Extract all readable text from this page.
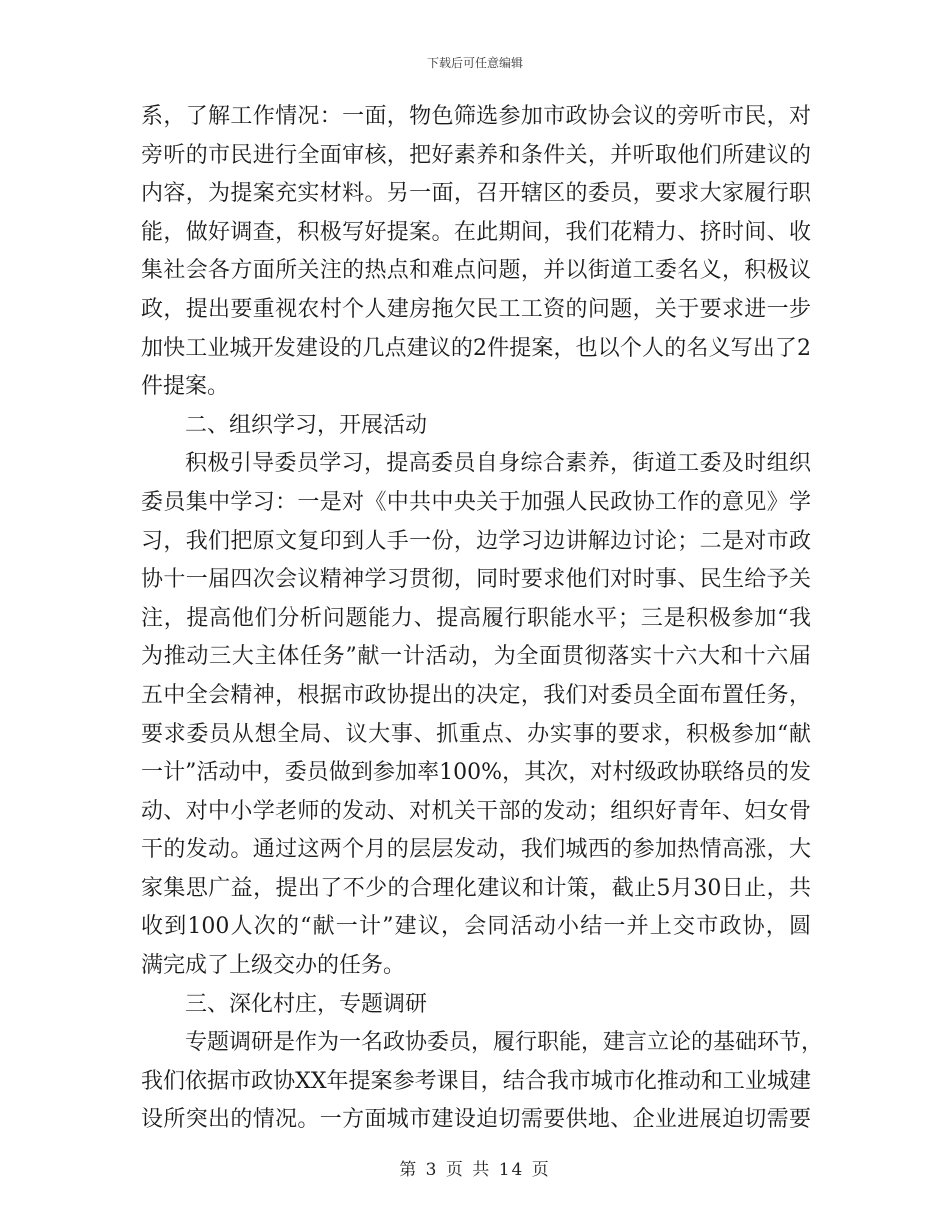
下载后可任意编辑
系，了解工作情况：一面，物色筛选参加市政协会议的旁听市民，对
旁听的市民进行全面审核，把好素养和条件关，并听取他们所建议的
内容，为提案充实材料。另一面，召开辖区的委员，要求大家履行职
能，做好调查，积极写好提案。在此期间，我们花精力、挤时间、收
集社会各方面所关注的热点和难点问题，并以街道工委名义，积极议
政，提出要重视农村个人建房拖欠民工工资的问题，关于要求进一步
加快工业城开发建设的几点建议的2件提案，也以个人的名义写出了2
件提案。
二、组织学习，开展活动
积极引导委员学习，提高委员自身综合素养，街道工委及时组织
委员集中学习：一是对《中共中央关于加强人民政协工作的意见》学
习，我们把原文复印到人手一份，边学习边讲解边讨论；二是对市政
协十一届四次会议精神学习贯彻，同时要求他们对时事、民生给予关
注，提高他们分析问题能力、提高履行职能水平；三是积极参加“我
为推动三大主体任务”献一计活动，为全面贯彻落实十六大和十六届
五中全会精神，根据市政协提出的决定，我们对委员全面布置任务，
要求委员从想全局、议大事、抓重点、办实事的要求，积极参加“献
一计”活动中，委员做到参加率100%，其次，对村级政协联络员的发
动、对中小学老师的发动、对机关干部的发动；组织好青年、妇女骨
干的发动。通过这两个月的层层发动，我们城西的参加热情高涨，大
家集思广益，提出了不少的合理化建议和计策，截止5月30日止，共
收到100人次的“献一计”建议，会同活动小结一并上交市政协，圆
满完成了上级交办的任务。
三、深化村庄，专题调研
专题调研是作为一名政协委员，履行职能，建言立论的基础环节，
我们依据市政协XX年提案参考课目，结合我市城市化推动和工业城建
设所突出的情况。一方面城市建设迫切需要供地、企业进展迫切需要
第 3 页 共 14 页
